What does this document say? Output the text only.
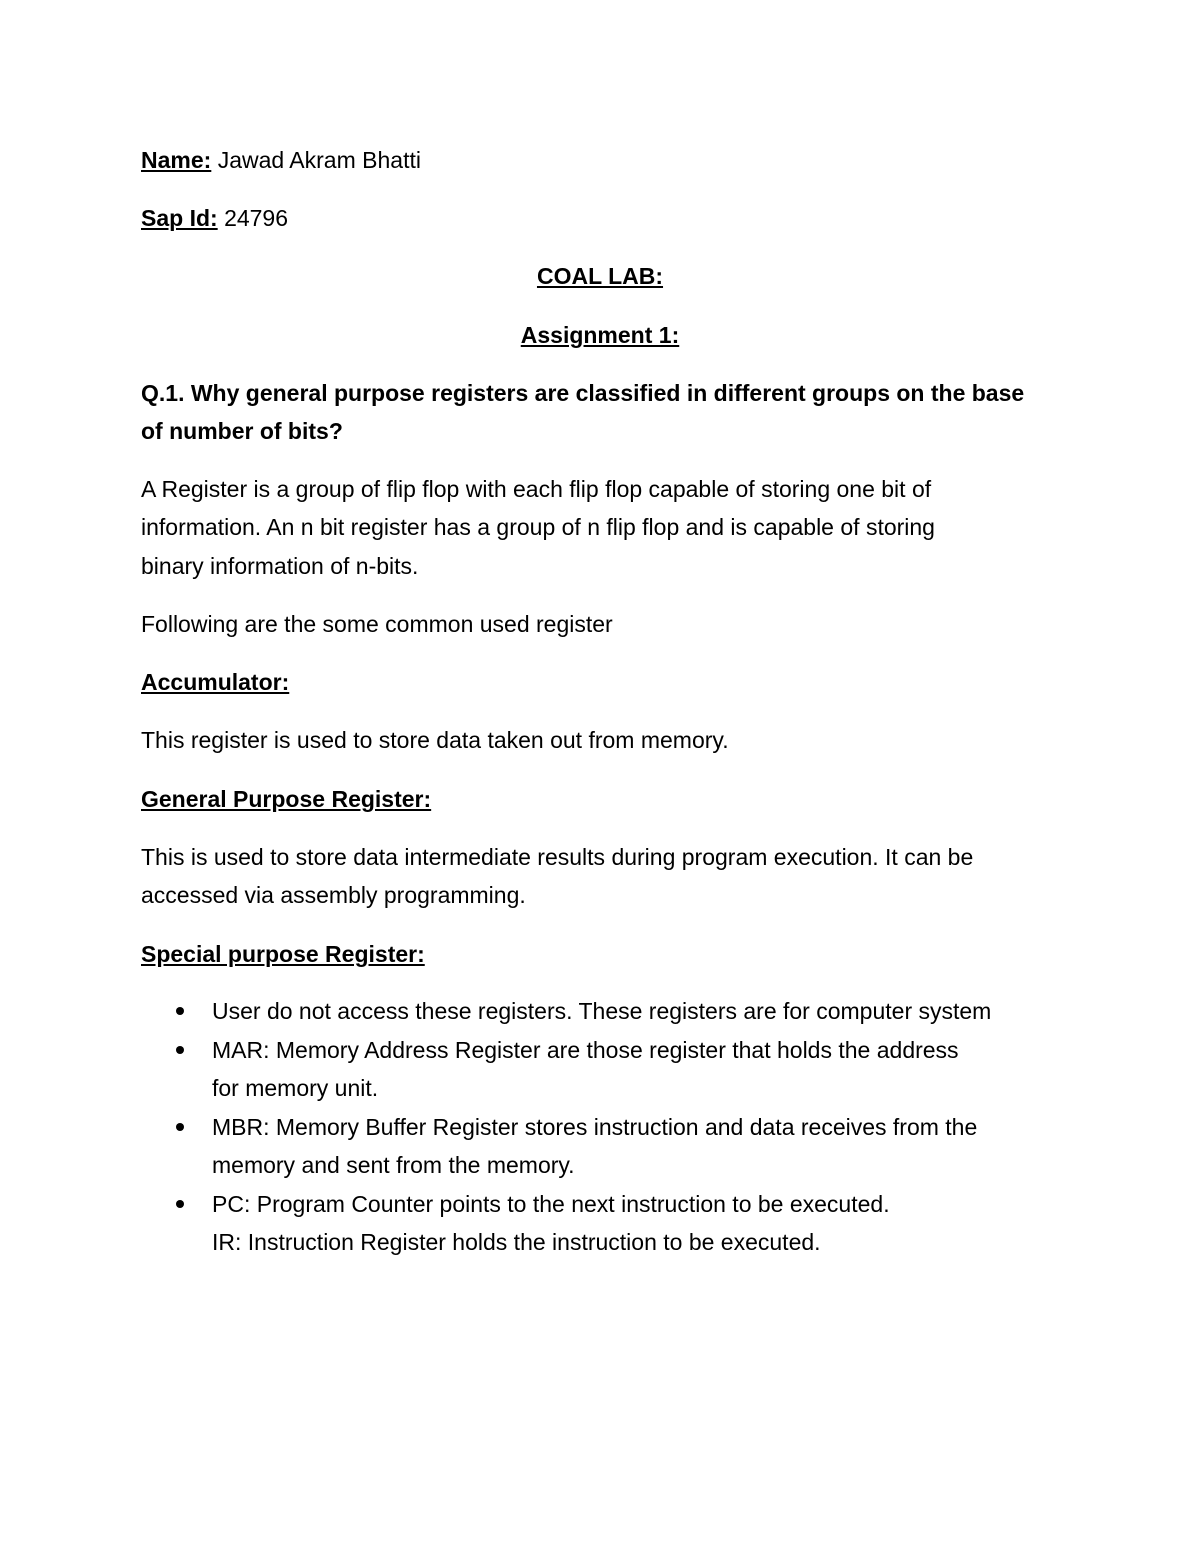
Name: Jawad Akram Bhatti
Sap Id: 24796
COAL LAB:
Assignment 1:
Q.1. Why general purpose registers are classified in different groups on the base
of number of bits?
A Register is a group of flip flop with each flip flop capable of storing one bit of
information. An n bit register has a group of n flip flop and is capable of storing
binary information of n-bits.
Following are the some common used register
Accumulator:
This register is used to store data taken out from memory.
General Purpose Register:
This is used to store data intermediate results during program execution. It can be
accessed via assembly programming.
Special purpose Register:
User do not access these registers. These registers are for computer system
MAR: Memory Address Register are those register that holds the address
for memory unit.
MBR: Memory Buffer Register stores instruction and data receives from the
memory and sent from the memory.
PC: Program Counter points to the next instruction to be executed.
IR: Instruction Register holds the instruction to be executed.
